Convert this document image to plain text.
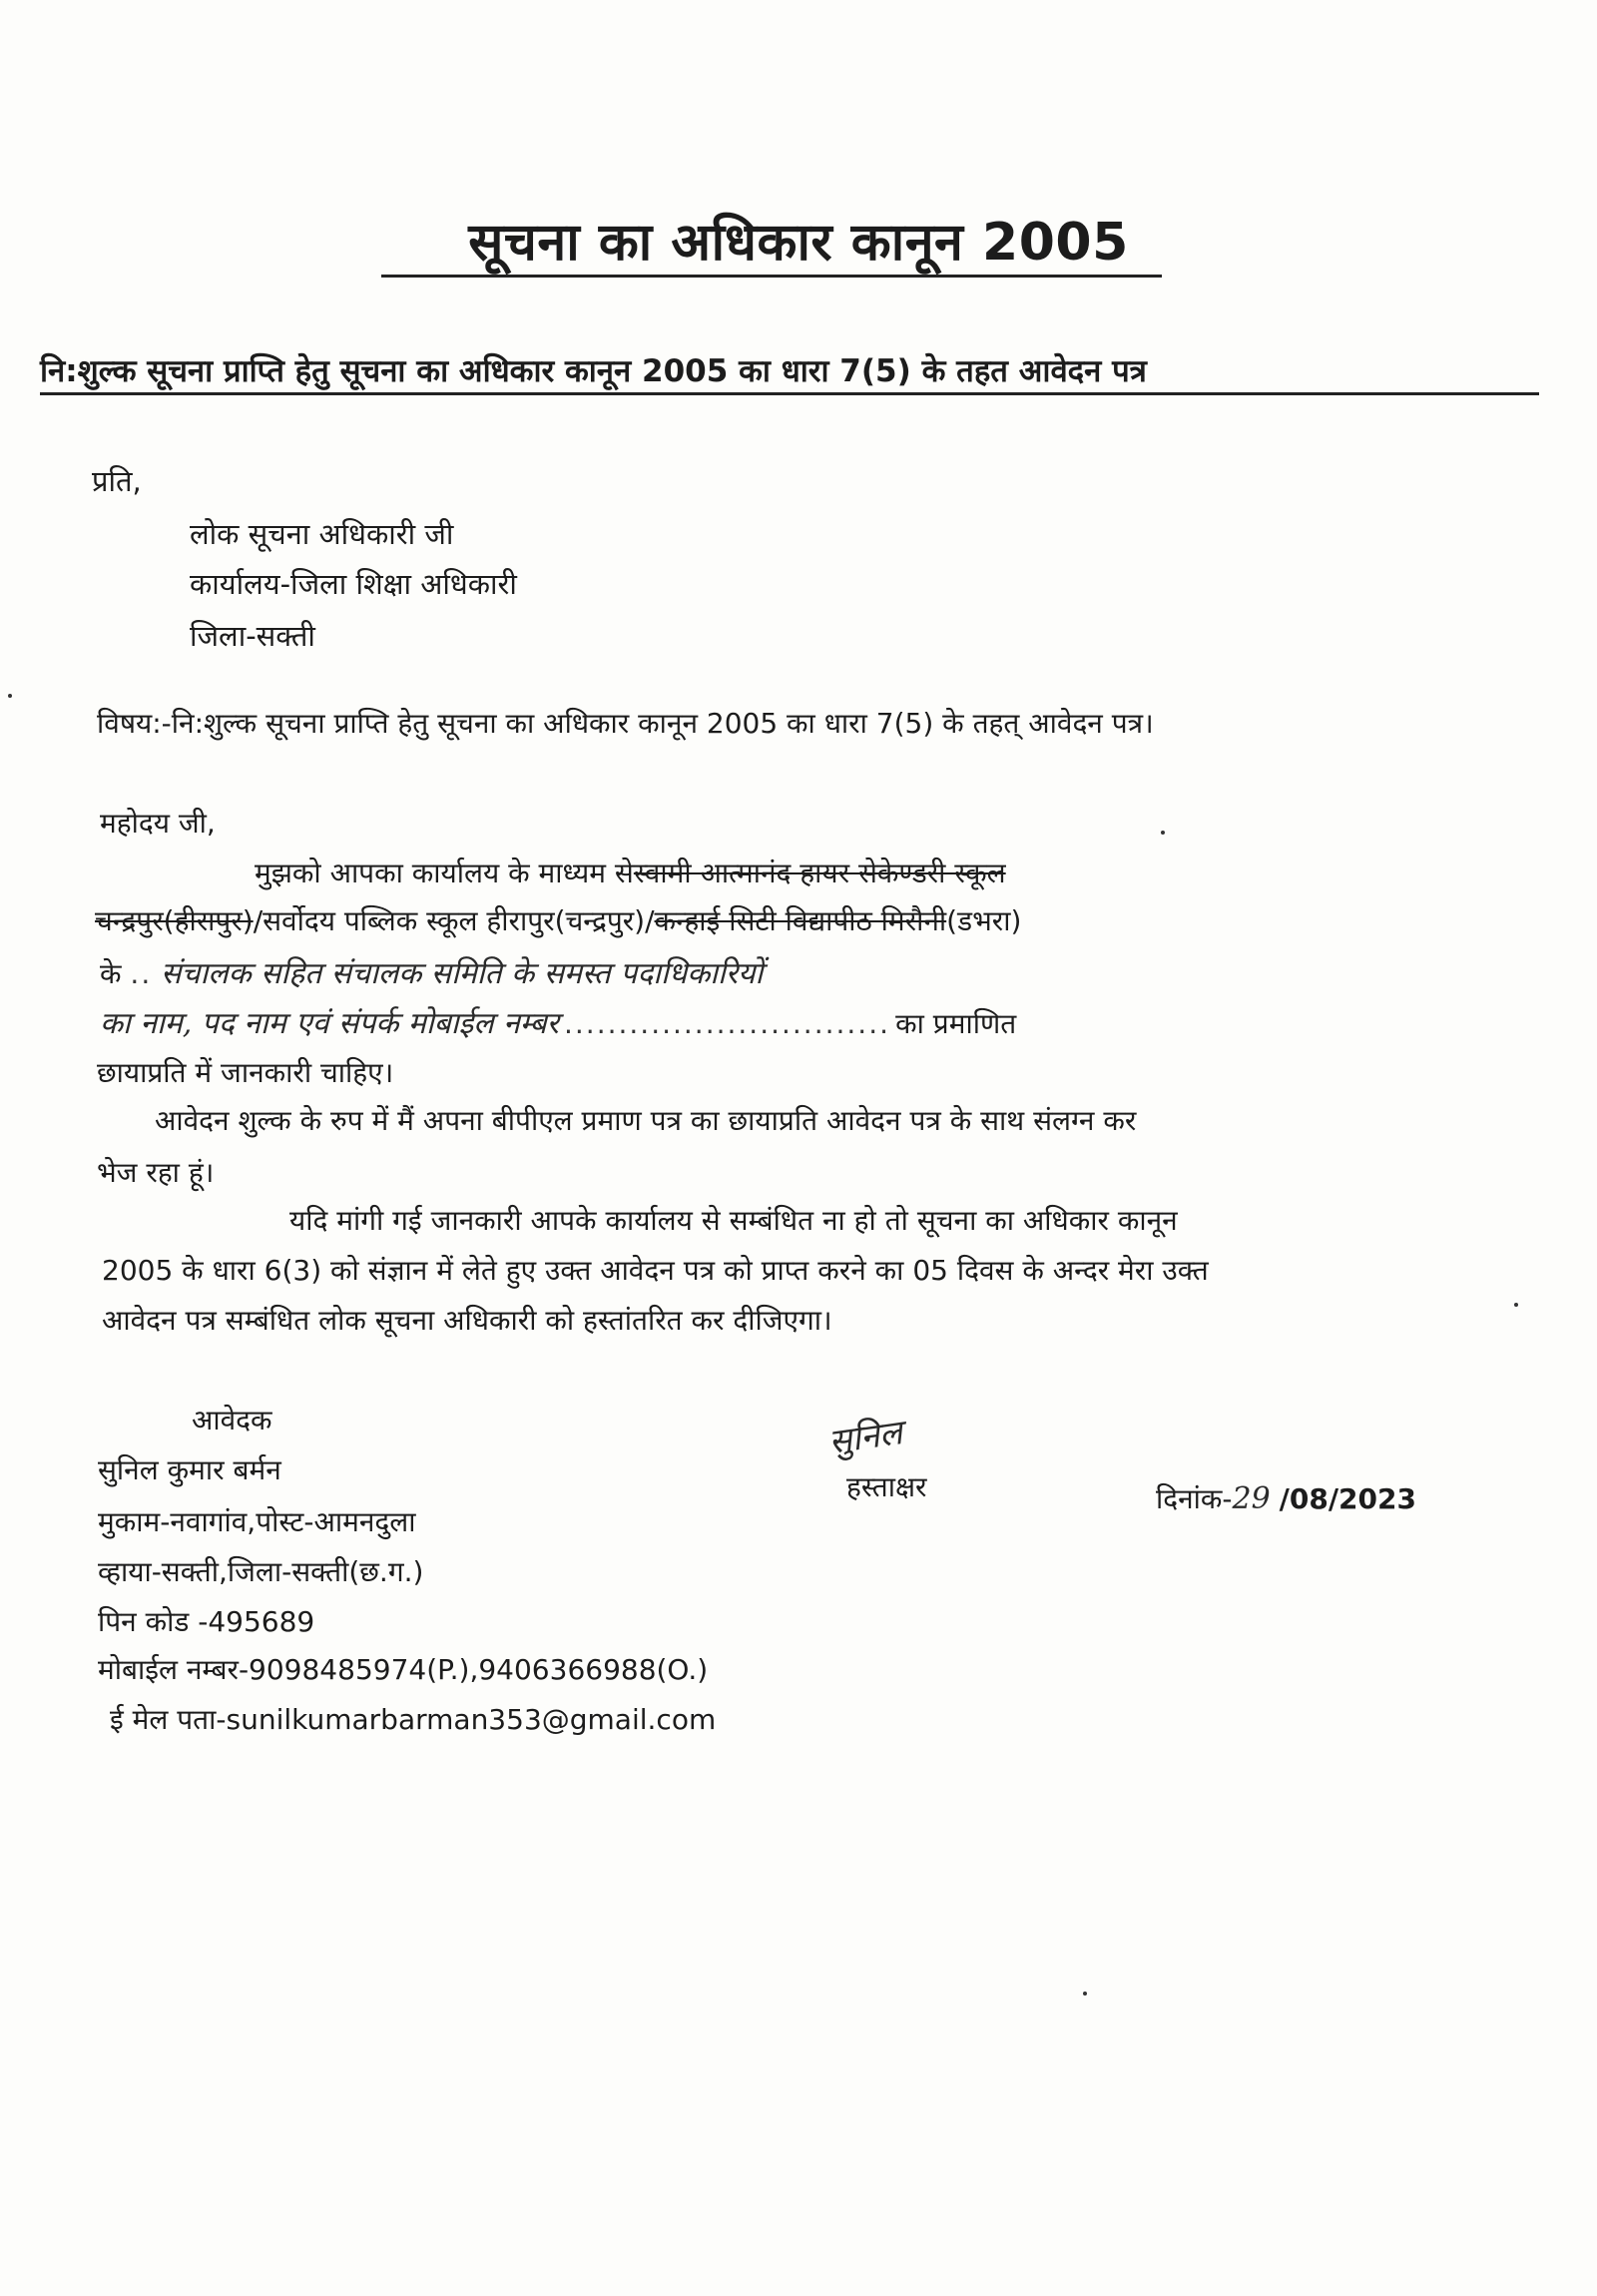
सूचना का अधिकार कानून 2005
नि:शुल्क सूचना प्राप्ति हेतु सूचना का अधिकार कानून 2005 का धारा 7(5) के तहत आवेदन पत्र
प्रति,
लोक सूचना अधिकारी जी
कार्यालय-जिला शिक्षा अधिकारी
जिला-सक्ती
विषय:-नि:शुल्क सूचना प्राप्ति हेतु सूचना का अधिकार कानून 2005 का धारा 7(5) के तहत् आवेदन पत्र।
महोदय जी,
मुझको आपका कार्यालय के माध्यम सेस्वामी आत्मानंद हायर सेकेण्डरी स्कूल
चन्द्रपुर(हीरापुर)/सर्वोदय पब्लिक स्कूल हीरापुर(चन्द्रपुर)/कन्हाई सिटी विद्यापीठ मिरौनी(डभरा)
के .. संचालक सहित संचालक समिति के समस्त पदाधिकारियों
का नाम, पद नाम एवं संपर्क मोबाईल नम्बर .............................. का प्रमाणित
छायाप्रति में जानकारी चाहिए।
आवेदन शुल्क के रुप में मैं अपना बीपीएल प्रमाण पत्र का छायाप्रति आवेदन पत्र के साथ संलग्न कर
भेज रहा हूं।
यदि मांगी गई जानकारी आपके कार्यालय से सम्बंधित ना हो तो सूचना का अधिकार कानून
2005 के धारा 6(3) को संज्ञान में लेते हुए उक्त आवेदन पत्र को प्राप्त करने का 05 दिवस के अन्दर मेरा उक्त
आवेदन पत्र सम्बंधित लोक सूचना अधिकारी को हस्तांतरित कर दीजिएगा।
आवेदक
सुनिल कुमार बर्मन
मुकाम-नवागांव,पोस्ट-आमनदुला
व्हाया-सक्ती,जिला-सक्ती(छ.ग.)
पिन कोड -495689
मोबाईल नम्बर-9098485974(P.),9406366988(O.)
ई मेल पता-sunilkumarbarman353@gmail.com
सुनिल
हस्ताक्षर	दिनांक-29 /08/2023
